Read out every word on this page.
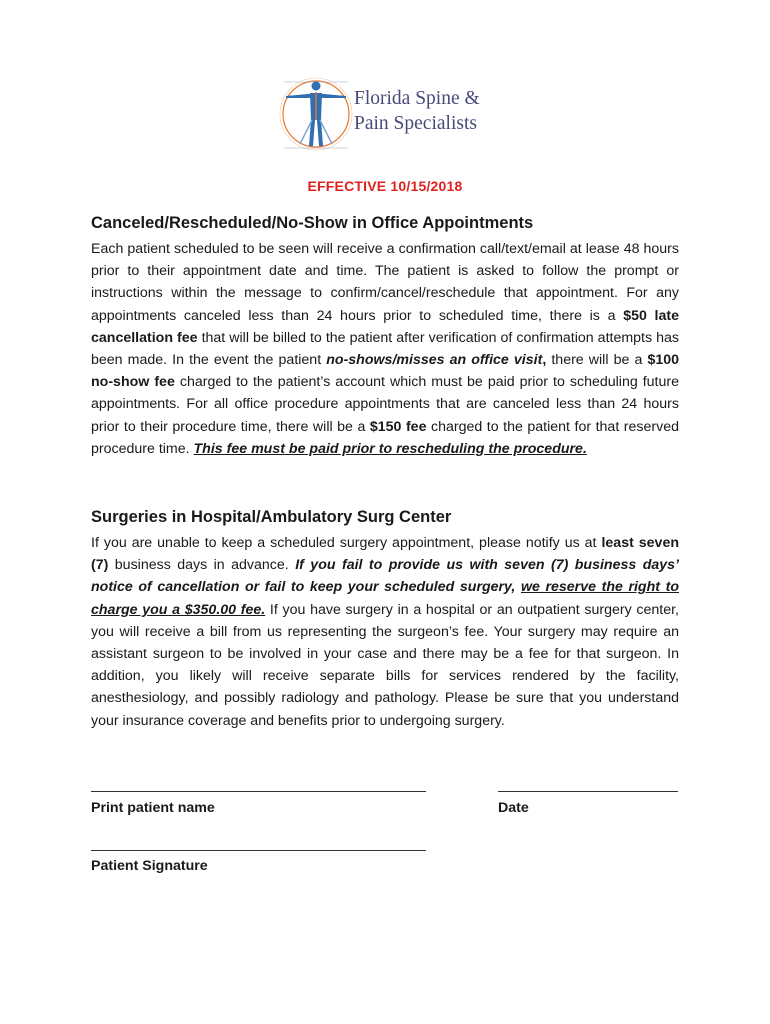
Florida Spine &
Pain Specialists
EFFECTIVE 10/15/2018
Canceled/Rescheduled/No-Show in Office Appointments
Each patient scheduled to be seen will receive a confirmation call/text/email at lease 48 hours prior to their appointment date and time. The patient is asked to follow the prompt or instructions within the message to confirm/cancel/reschedule that appointment. For any appointments canceled less than 24 hours prior to scheduled time, there is a $50 late cancellation fee that will be billed to the patient after verification of confirmation attempts has been made. In the event the patient no-shows/misses an office visit, there will be a $100 no-show fee charged to the patient’s account which must be paid prior to scheduling future appointments. For all office procedure appointments that are canceled less than 24 hours prior to their procedure time, there will be a $150 fee charged to the patient for that reserved procedure time. This fee must be paid prior to rescheduling the procedure.
Surgeries in Hospital/Ambulatory Surg Center
If you are unable to keep a scheduled surgery appointment, please notify us at least seven (7) business days in advance. If you fail to provide us with seven (7) business days’ notice of cancellation or fail to keep your scheduled surgery, we reserve the right to charge you a $350.00 fee. If you have surgery in a hospital or an outpatient surgery center, you will receive a bill from us representing the surgeon’s fee. Your surgery may require an assistant surgeon to be involved in your case and there may be a fee for that surgeon. In addition, you likely will receive separate bills for services rendered by the facility, anesthesiology, and possibly radiology and pathology. Please be sure that you understand your insurance coverage and benefits prior to undergoing surgery.
Print patient name	Date
Patient Signature
